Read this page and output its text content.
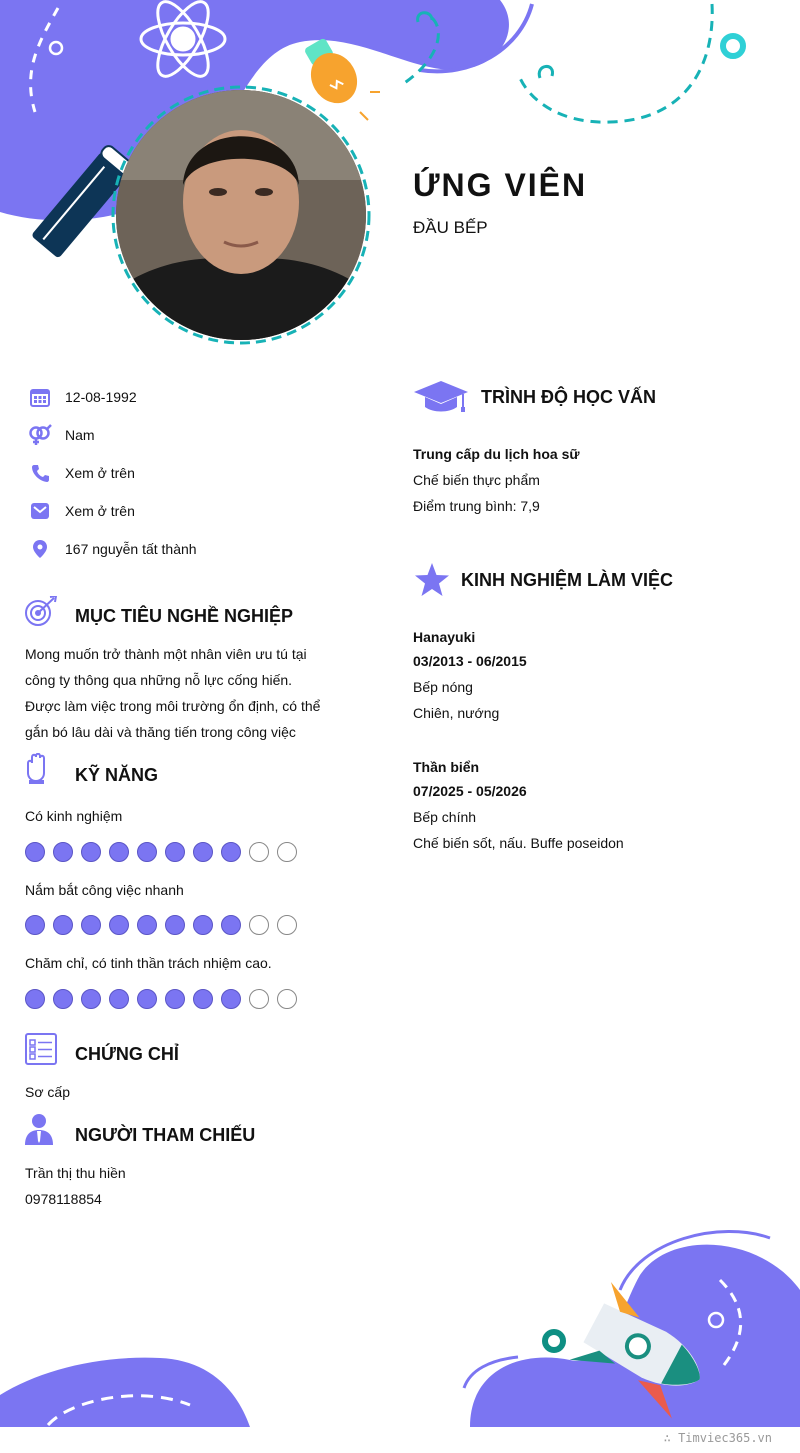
ỨNG VIÊN
ĐẦU BẾP
12-08-1992
Nam
Xem ở trên
Xem ở trên
167 nguyễn tất thành
MỤC TIÊU NGHỀ NGHIỆP
Mong muốn trở thành một nhân viên ưu tú tại
công ty thông qua những nỗ lực cống hiến.
Được làm việc trong môi trường ổn định, có thể
gắn bó lâu dài và thăng tiến trong công việc
KỸ NĂNG
Có kinh nghiệm
Nắm bắt công việc nhanh
Chăm chỉ, có tinh thần trách nhiệm cao.
CHỨNG CHỈ
Sơ cấp
NGƯỜI THAM CHIẾU
Trần thị thu hiền
0978118854
TRÌNH ĐỘ HỌC VẤN
Trung cấp du lịch hoa sữ
Chế biến thực phẩm
Điểm trung bình: 7,9
KINH NGHIỆM LÀM VIỆC
Hanayuki
03/2013 - 06/2015
Bếp nóng
Chiên, nướng
Thần biển
07/2025 - 05/2026
Bếp chính
Chế biến sốt, nấu. Buffe poseidon
∴ Timviec365.vn
